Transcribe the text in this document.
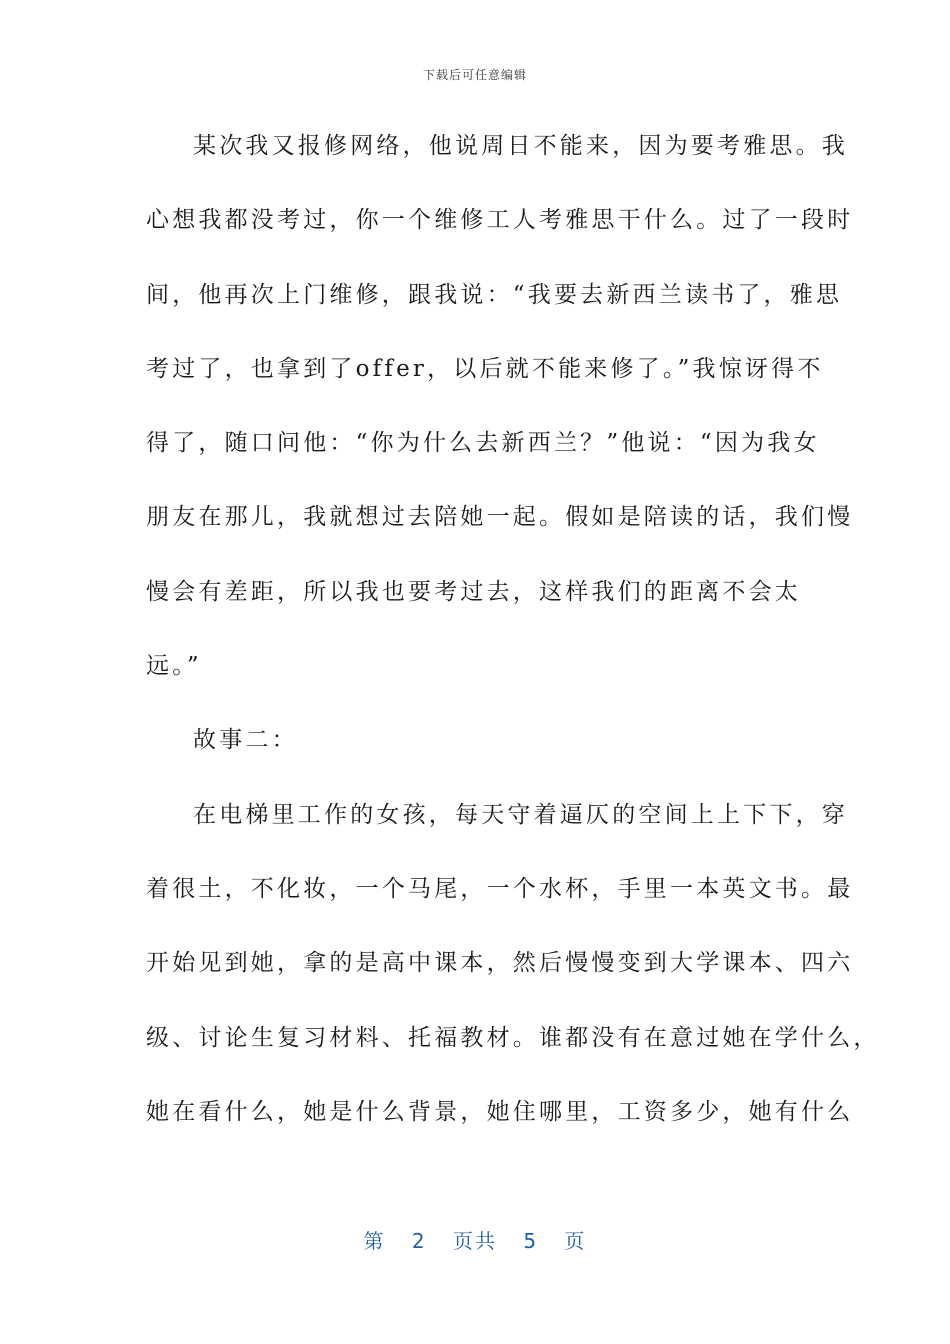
下载后可任意编辑
某次我又报修网络，他说周日不能来，因为要考雅思。我
心想我都没考过，你一个维修工人考雅思干什么。过了一段时
间，他再次上门维修，跟我说：“我要去新西兰读书了，雅思
考过了，也拿到了offer，以后就不能来修了。”我惊讶得不
得了，随口问他：“你为什么去新西兰？”他说：“因为我女
朋友在那儿，我就想过去陪她一起。假如是陪读的话，我们慢
慢会有差距，所以我也要考过去，这样我们的距离不会太
远。”
故事二：
在电梯里工作的女孩，每天守着逼仄的空间上上下下，穿
着很土，不化妆，一个马尾，一个水杯，手里一本英文书。最
开始见到她，拿的是高中课本，然后慢慢变到大学课本、四六
级、讨论生复习材料、托福教材。谁都没有在意过她在学什么，
她在看什么，她是什么背景，她住哪里，工资多少，她有什么
第 2 页共 5 页
